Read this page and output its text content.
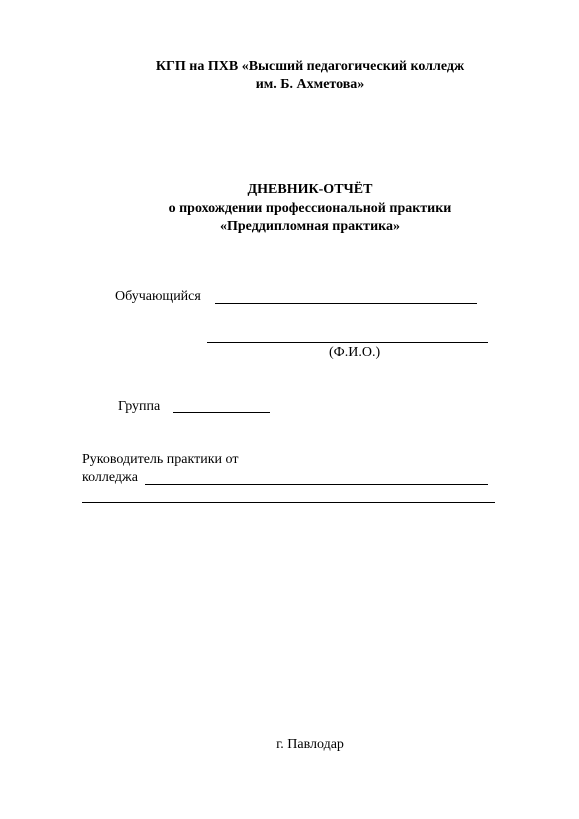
КГП на ПХВ «Высший педагогический колледж
им. Б. Ахметова»
ДНЕВНИК-ОТЧЁТ
о прохождении профессиональной практики
«Преддипломная практика»
Обучающийся
(Ф.И.О.)
Группа
Руководитель практики от
колледжа
г. Павлодар
